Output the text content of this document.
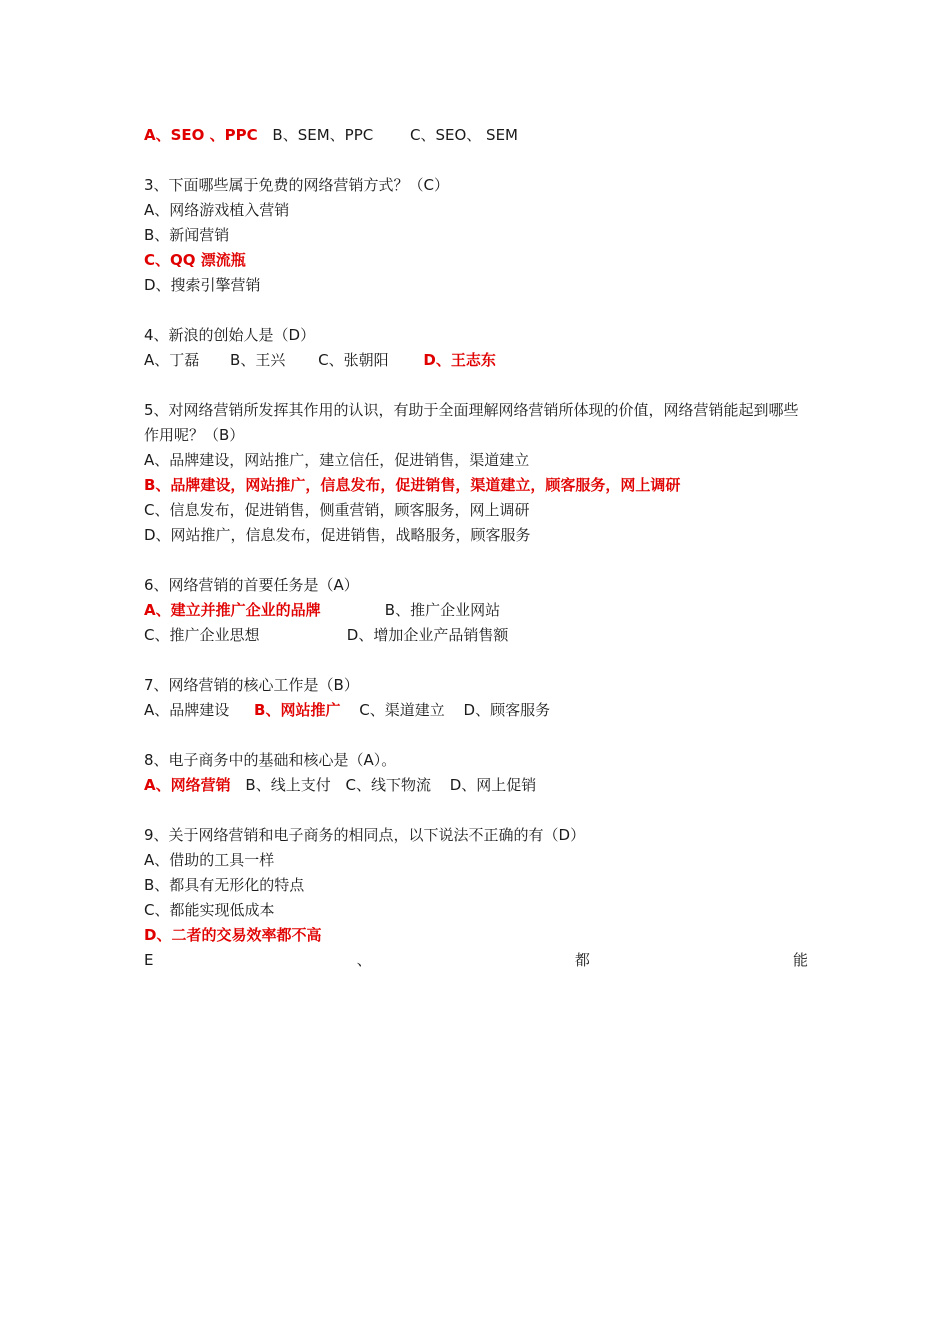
A、SEO 、PPC B、SEM、PPC C、SEO、 SEM
3、下面哪些属于免费的网络营销方式？（C）
A、网络游戏植入营销
B、新闻营销
C、QQ 漂流瓶
D、搜索引擎营销
4、新浪的创始人是（D）
A、丁磊 B、王兴 C、张朝阳 D、王志东
5、对网络营销所发挥其作用的认识，有助于全面理解网络营销所体现的价值，网络营销能起到哪些作用呢？（B）
A、品牌建设，网站推广，建立信任，促进销售，渠道建立
B、品牌建设，网站推广，信息发布，促进销售，渠道建立，顾客服务，网上调研
C、信息发布，促进销售，侧重营销，顾客服务，网上调研
D、网站推广，信息发布，促进销售，战略服务，顾客服务
6、网络营销的首要任务是（A）
A、建立并推广企业的品牌	B、推广企业网站
C、推广企业思想	D、增加企业产品销售额
7、网络营销的核心工作是（B）
A、品牌建设 B、网站推广 C、渠道建立 D、顾客服务
8、电子商务中的基础和核心是（A）。
A、网络营销 B、线上支付 C、线下物流 D、网上促销
9、关于网络营销和电子商务的相同点，以下说法不正确的有（D）
A、借助的工具一样
B、都具有无形化的特点
C、都能实现低成本
D、二者的交易效率都不高
E	、	都	能
